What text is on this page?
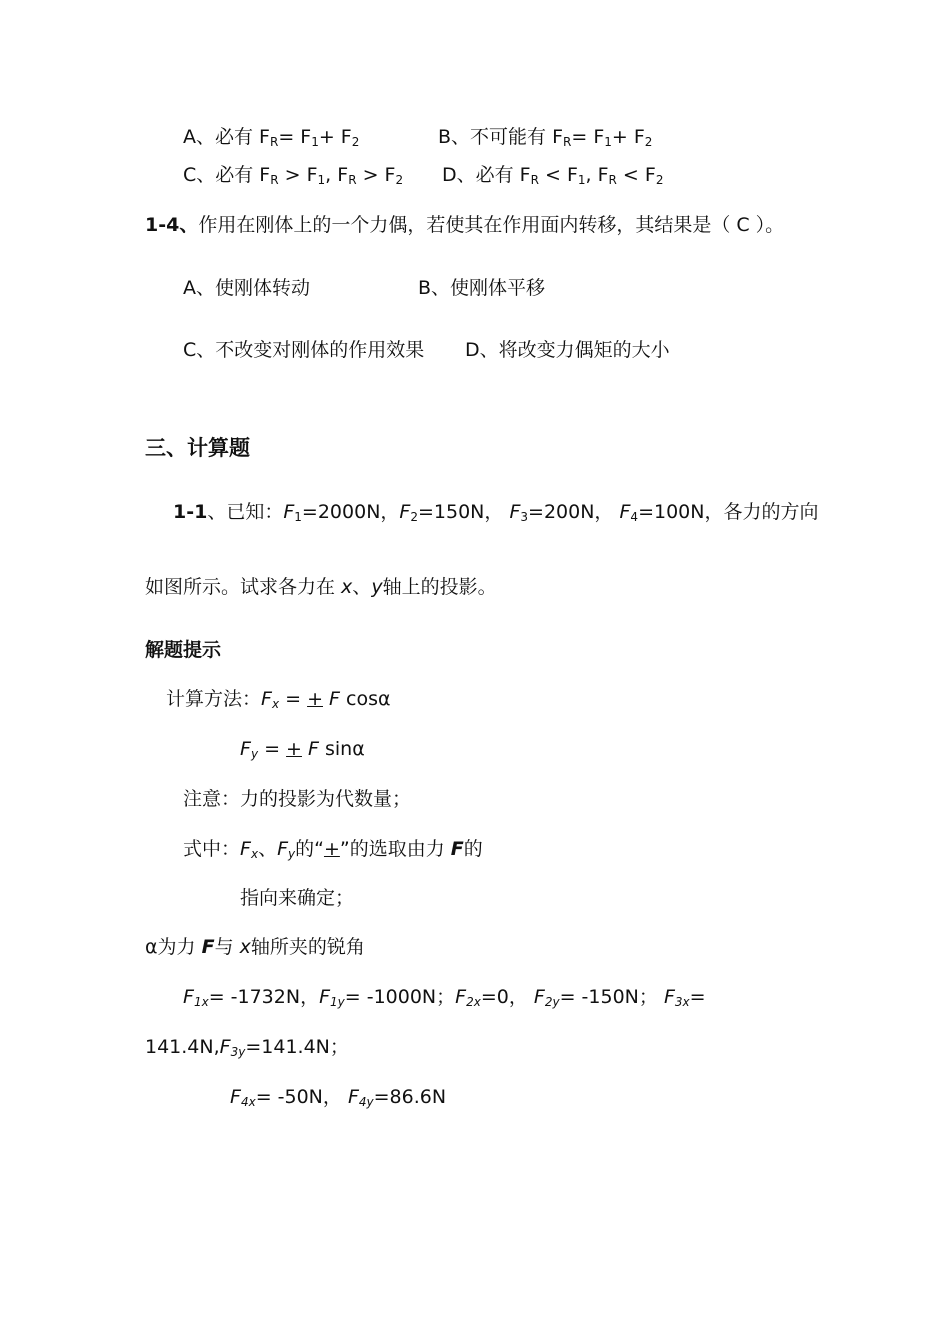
A、必有 $F_R= F_1+ F_2$	B、不可能有 $F_R= F_1+ F_2$
C、必有 $F_R > F_1$, $F_R > F_2$ D、必有 $F_R < F_1$, $F_R < F_2$
1-4、作用在刚体上的一个力偶，若使其在作用面内转移，其结果是（ C ）。
A、使刚体转动	B、使刚体平移
C、不改变对刚体的作用效果 D、将改变力偶矩的大小
三、计算题
1-1、已知：$F_1=2000N$，$F_2=150N$， $F_3=200N$， $F_4=100N$，各力的方向
如图所示。试求各力在 x、y轴上的投影。
解题提示
计算方法：$F_x$ = + F cosα
$F_y$ = + F sinα
注意：力的投影为代数量；
式中：$F_x$、$F_y$的“+”的选取由力 F的
指向来确定；
α为力 F与 x轴所夹的锐角
$F_{1x}= -1732N$，$F_{1y}= -1000N$；$F_{2x}=0$， $F_{2y}= -150N$； $F_{3x}=$
$141.4N,F_{3y}=141.4N$；
$F_{4x}= -50N$， $F_{4y}=86.6N$
